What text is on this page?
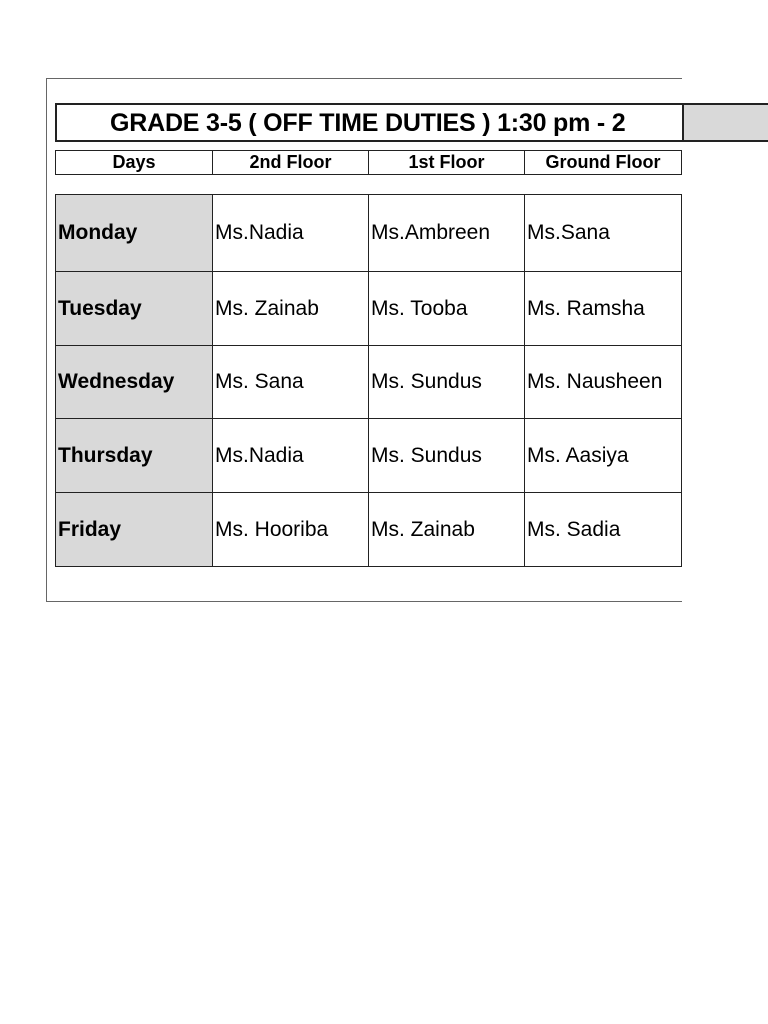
GRADE 3-5 ( OFF TIME DUTIES ) 1:30 pm - 2
Days	2nd Floor	1st Floor	Ground Floor
Monday	Ms.Nadia	Ms.Ambreen	Ms.Sana
Tuesday	Ms. Zainab	Ms. Tooba	Ms. Ramsha
Wednesday	Ms. Sana	Ms. Sundus	Ms. Nausheen
Thursday	Ms.Nadia	Ms. Sundus	Ms. Aasiya
Friday	Ms. Hooriba	Ms. Zainab	Ms. Sadia
